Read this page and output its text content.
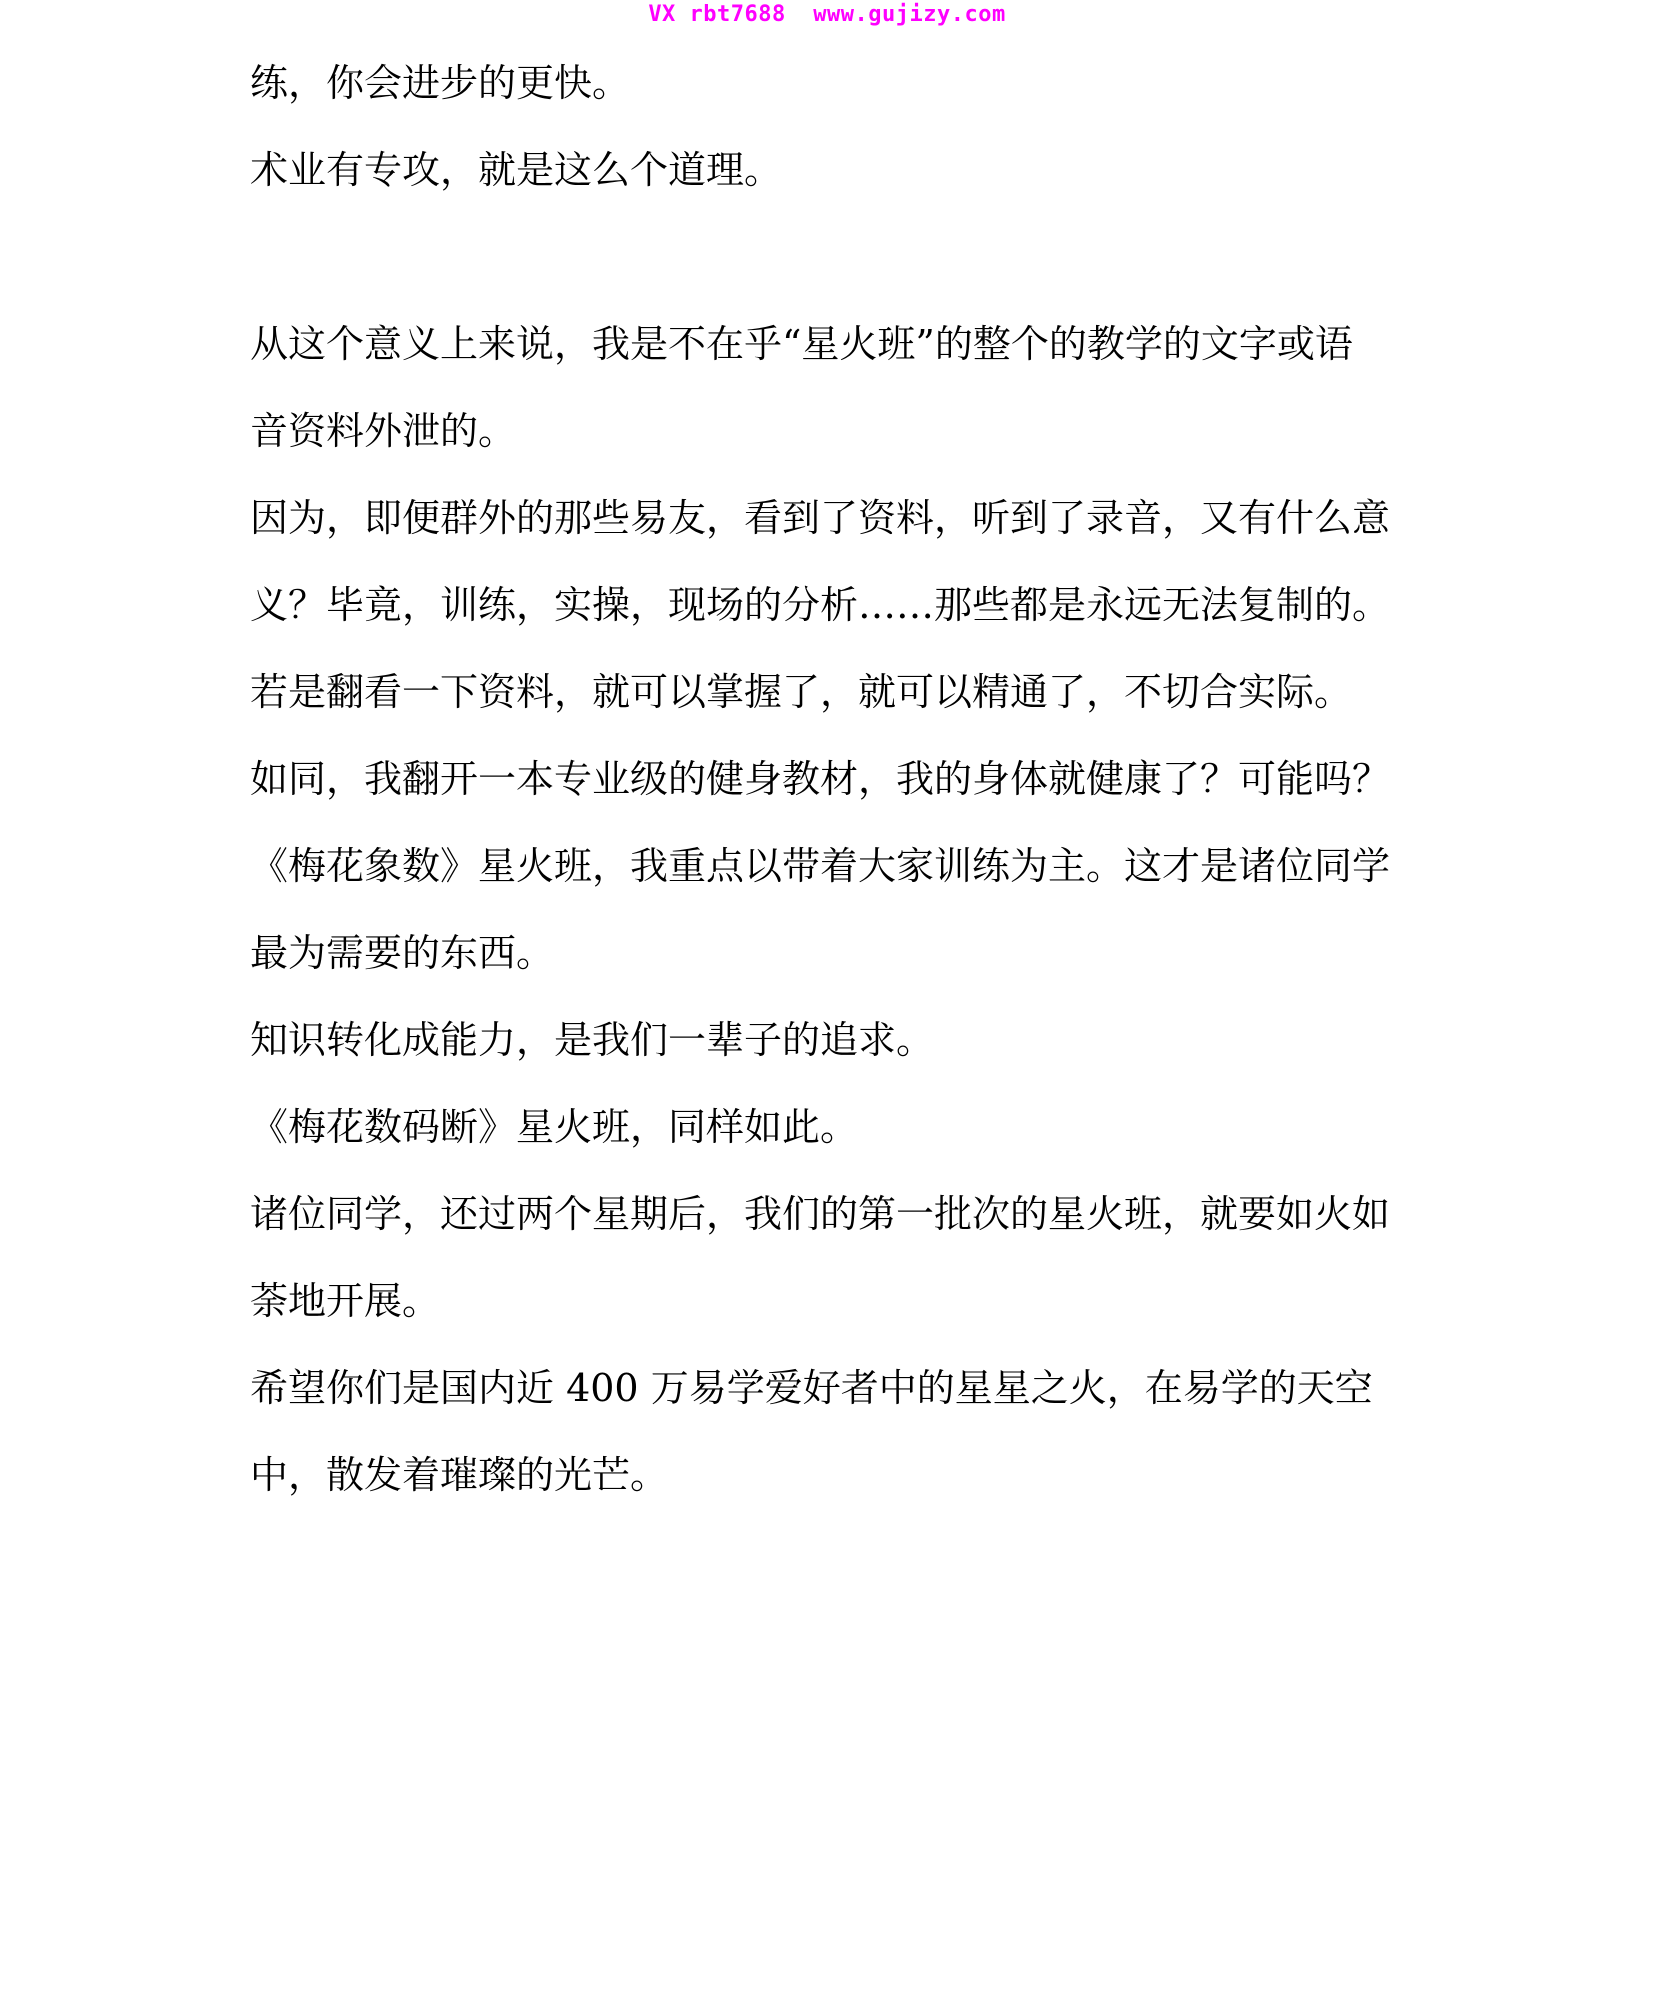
VX rbt7688  www.gujizy.com
练，你会进步的更快。
术业有专攻，就是这么个道理。
从这个意义上来说，我是不在乎“星火班”的整个的教学的文字或语
音资料外泄的。
因为，即便群外的那些易友，看到了资料，听到了录音，又有什么意
义？毕竟，训练，实操，现场的分析……那些都是永远无法复制的。
若是翻看一下资料，就可以掌握了，就可以精通了，不切合实际。
如同，我翻开一本专业级的健身教材，我的身体就健康了？可能吗？
《梅花象数》星火班，我重点以带着大家训练为主。这才是诸位同学
最为需要的东西。
知识转化成能力，是我们一辈子的追求。
《梅花数码断》星火班，同样如此。
诸位同学，还过两个星期后，我们的第一批次的星火班，就要如火如
荼地开展。
希望你们是国内近 400 万易学爱好者中的星星之火，在易学的天空
中，散发着璀璨的光芒。
